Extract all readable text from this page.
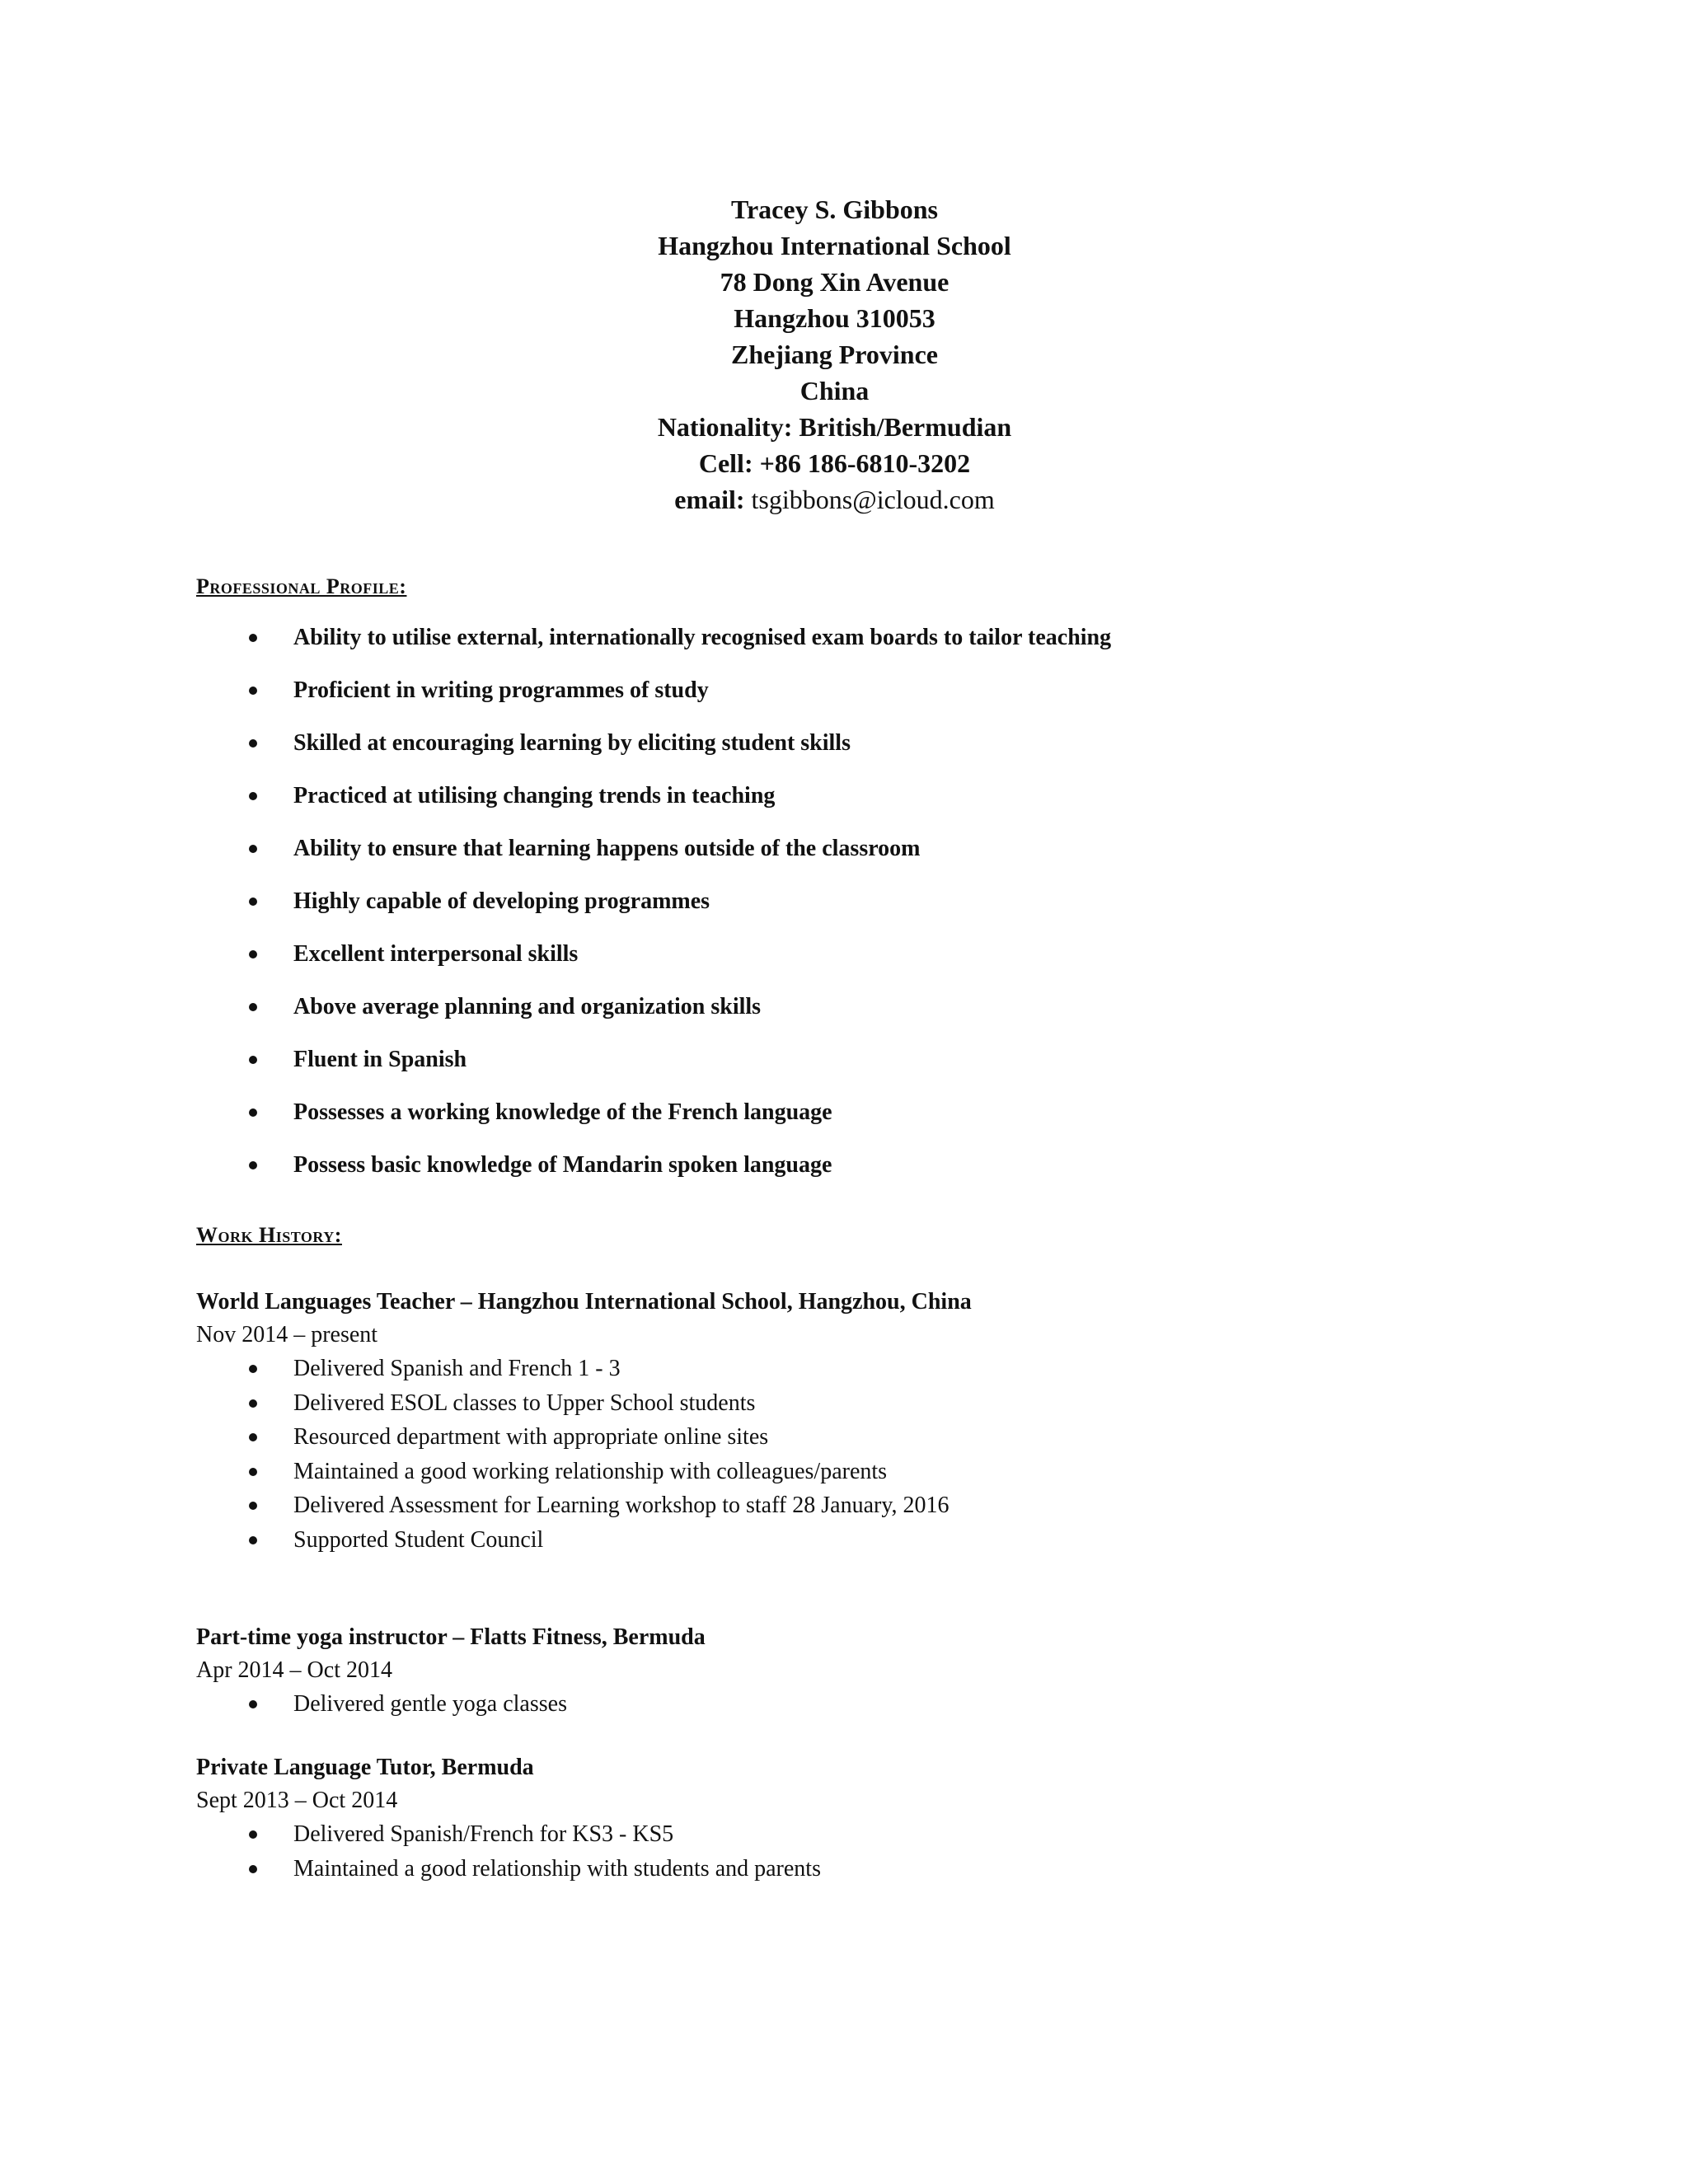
Tracey S. Gibbons
Hangzhou International School
78 Dong Xin Avenue
Hangzhou 310053
Zhejiang Province
China
Nationality: British/Bermudian
Cell: +86 186-6810-3202
email: tsgibbons@icloud.com
Professional Profile:
Ability to utilise external, internationally recognised exam boards to tailor teaching
Proficient in writing programmes of study
Skilled at encouraging learning by eliciting student skills
Practiced at utilising changing trends in teaching
Ability to ensure that learning happens outside of the classroom
Highly capable of developing programmes
Excellent interpersonal skills
Above average planning and organization skills
Fluent in Spanish
Possesses a working knowledge of the French language
Possess basic knowledge of Mandarin spoken language
Work History:
World Languages Teacher – Hangzhou International School, Hangzhou, China
Nov 2014 – present
Delivered Spanish and French 1 - 3
Delivered ESOL classes to Upper School students
Resourced department with appropriate online sites
Maintained a good working relationship with colleagues/parents
Delivered Assessment for Learning workshop to staff 28 January, 2016
Supported Student Council
Part-time yoga instructor – Flatts Fitness, Bermuda
Apr 2014 – Oct 2014
Delivered gentle yoga classes
Private Language Tutor, Bermuda
Sept 2013 – Oct 2014
Delivered Spanish/French for KS3 - KS5
Maintained a good relationship with students and parents
